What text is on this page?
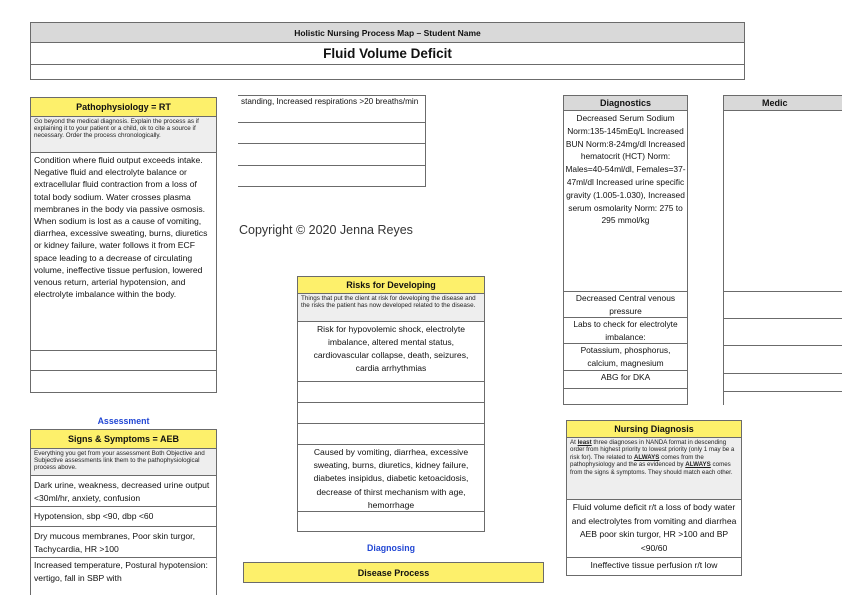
Holistic Nursing Process Map – Student Name
Fluid Volume Deficit
Pathophysiology = RT
Go beyond the medical diagnosis. Explain the process as if explaining it to your patient or a child, ok to cite a source if necessary. Order the process chronologically.
Condition where fluid output exceeds intake. Negative fluid and electrolyte balance or extracellular fluid contraction from a loss of total body sodium. Water crosses plasma membranes in the body via passive osmosis. When sodium is lost as a cause of vomiting, diarrhea, excessive sweating, burns, diuretics or kidney failure, water follows it from ECF space leading to a decrease of circulating volume, ineffective tissue perfusion, lowered venous return, arterial hypotension, and electrolyte imbalance within the body.
Assessment
Signs & Symptoms = AEB
Everything you get from your assessment Both Objective and Subjective assessments link them to the pathophysiological process above.
Dark urine, weakness, decreased urine output <30ml/hr, anxiety, confusion
Hypotension, sbp <90, dbp <60
Dry mucous membranes, Poor skin turgor, Tachycardia, HR >100
Increased temperature, Postural hypotension: vertigo, fall in SBP with
standing, Increased respirations >20 breaths/min
Copyright © 2020 Jenna Reyes
Risks for Developing
Things that put the client at risk for developing the disease and the risks the patient has now developed related to the disease.
Risk for hypovolemic shock, electrolyte imbalance, altered mental status, cardiovascular collapse, death, seizures, cardia arrhythmias
Caused by vomiting, diarrhea, excessive sweating, burns, diuretics, kidney failure, diabetes insipidus, diabetic ketoacidosis, decrease of thirst mechanism with age, hemorrhage
Diagnosing
Disease Process
Diagnostics
Decreased Serum Sodium Norm:135-145mEq/L Increased BUN Norm:8-24mg/dl Increased hematocrit (HCT) Norm: Males=40-54ml/dl, Females=37-47ml/dl Increased urine specific gravity (1.005-1.030), Increased serum osmolarity Norm: 275 to 295 mmol/kg
Decreased Central venous pressure
Labs to check for electrolyte imbalance:
Potassium, phosphorus, calcium, magnesium
ABG for DKA
Medic
Nursing Diagnosis
At least three diagnoses in NANDA format in descending order from highest priority to lowest priority (only 1 may be a risk for). The related to ALWAYS comes from the pathophysiology and the as evidenced by ALWAYS comes from the signs & symptoms. They should match each other.
Fluid volume deficit r/t a loss of body water and electrolytes from vomiting and diarrhea AEB poor skin turgor, HR >100 and BP <90/60
Ineffective tissue perfusion r/t low
